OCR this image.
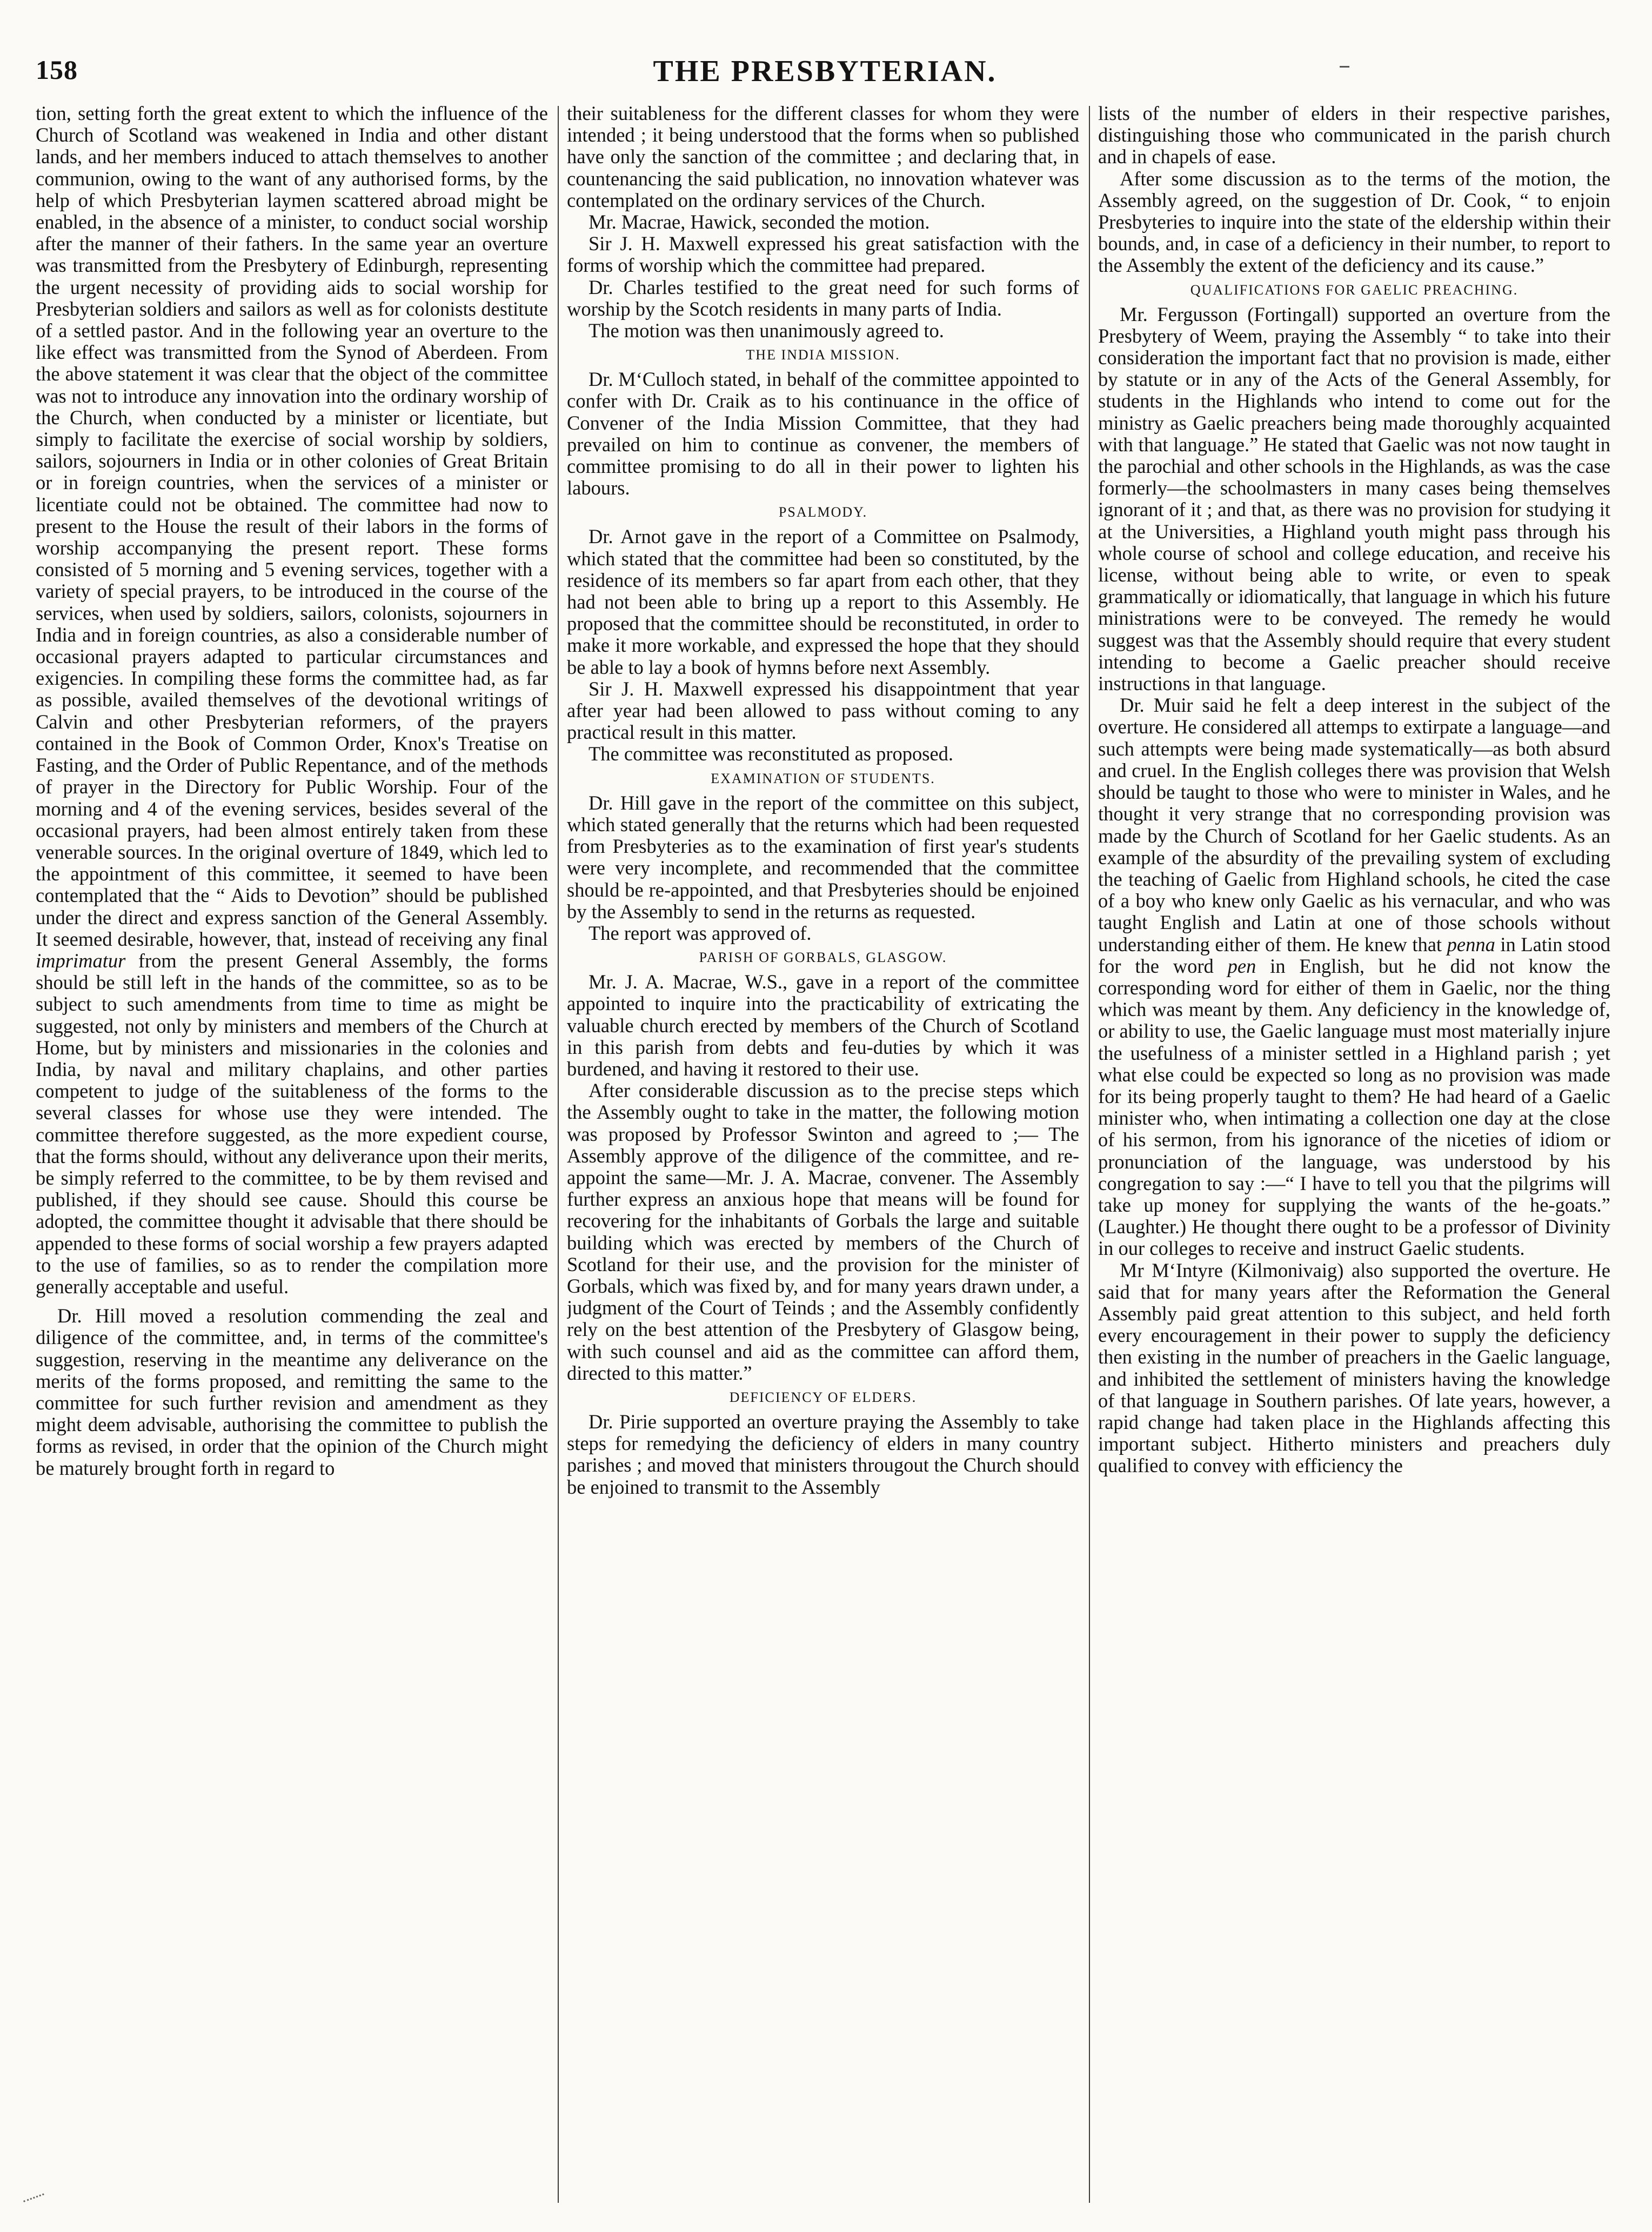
158	THE PRESBYTERIAN.

tion, setting forth the great extent to which the influence of the Church of Scotland was weakened in India and other distant lands, and her members induced to attach themselves to another communion, owing to the want of any authorised forms, by the help of which Presbyterian laymen scattered abroad might be enabled, in the absence of a minister, to conduct social worship after the manner of their fathers. In the same year an overture was transmitted from the Presbytery of Edinburgh, representing the urgent necessity of providing aids to social worship for Presbyterian soldiers and sailors as well as for colonists destitute of a settled pastor. And in the following year an overture to the like effect was transmitted from the Synod of Aberdeen. From the above statement it was clear that the object of the committee was not to introduce any innovation into the ordinary worship of the Church, when conducted by a minister or licentiate, but simply to facilitate the exercise of social worship by soldiers, sailors, sojourners in India or in other colonies of Great Britain or in foreign countries, when the services of a minister or licentiate could not be obtained. The committee had now to present to the House the result of their labors in the forms of worship accompanying the present report. These forms consisted of 5 morning and 5 evening services, together with a variety of special prayers, to be introduced in the course of the services, when used by soldiers, sailors, colonists, sojourners in India and in foreign countries, as also a considerable number of occasional prayers adapted to particular circumstances and exigencies. In compiling these forms the committee had, as far as possible, availed themselves of the devotional writings of Calvin and other Presbyterian reformers, of the prayers contained in the Book of Common Order, Knox's Treatise on Fasting, and the Order of Public Repentance, and of the methods of prayer in the Directory for Public Worship. Four of the morning and 4 of the evening services, besides several of the occasional prayers, had been almost entirely taken from these venerable sources. In the original overture of 1849, which led to the appointment of this committee, it seemed to have been contemplated that the “ Aids to Devotion” should be published under the direct and express sanction of the General Assembly. It seemed desirable, however, that, instead of receiving any final imprimatur from the present General Assembly, the forms should be still left in the hands of the committee, so as to be subject to such amendments from time to time as might be suggested, not only by ministers and members of the Church at Home, but by ministers and missionaries in the colonies and India, by naval and military chaplains, and other parties competent to judge of the suitableness of the forms to the several classes for whose use they were intended. The committee therefore suggested, as the more expedient course, that the forms should, without any deliverance upon their merits, be simply referred to the committee, to be by them revised and published, if they should see cause. Should this course be adopted, the committee thought it advisable that there should be appended to these forms of social worship a few prayers adapted to the use of families, so as to render the compilation more generally acceptable and useful.

Dr. Hill moved a resolution commending the zeal and diligence of the committee, and, in terms of the committee's suggestion, reserving in the meantime any deliverance on the merits of the forms proposed, and remitting the same to the committee for such further revision and amendment as they might deem advisable, authorising the committee to publish the forms as revised, in order that the opinion of the Church might be maturely brought forth in regard to

their suitableness for the different classes for whom they were intended ; it being understood that the forms when so published have only the sanction of the committee ; and declaring that, in countenancing the said publication, no innovation whatever was contemplated on the ordinary services of the Church.

Mr. Macrae, Hawick, seconded the motion.

Sir J. H. Maxwell expressed his great satisfaction with the forms of worship which the committee had prepared.

Dr. Charles testified to the great need for such forms of worship by the Scotch residents in many parts of India.

The motion was then unanimously agreed to.

THE INDIA MISSION.

Dr. M‘Culloch stated, in behalf of the committee appointed to confer with Dr. Craik as to his continuance in the office of Convener of the India Mission Committee, that they had prevailed on him to continue as convener, the members of committee promising to do all in their power to lighten his labours.

PSALMODY.

Dr. Arnot gave in the report of a Committee on Psalmody, which stated that the committee had been so constituted, by the residence of its members so far apart from each other, that they had not been able to bring up a report to this Assembly. He proposed that the committee should be reconstituted, in order to make it more workable, and expressed the hope that they should be able to lay a book of hymns before next Assembly.

Sir J. H. Maxwell expressed his disappointment that year after year had been allowed to pass without coming to any practical result in this matter.

The committee was reconstituted as proposed.

EXAMINATION OF STUDENTS.

Dr. Hill gave in the report of the committee on this subject, which stated generally that the returns which had been requested from Presbyteries as to the examination of first year's students were very incomplete, and recommended that the committee should be re-appointed, and that Presbyteries should be enjoined by the Assembly to send in the returns as requested.

The report was approved of.

PARISH OF GORBALS, GLASGOW.

Mr. J. A. Macrae, W.S., gave in a report of the committee appointed to inquire into the practicability of extricating the valuable church erected by members of the Church of Scotland in this parish from debts and feu-duties by which it was burdened, and having it restored to their use.

After considerable discussion as to the precise steps which the Assembly ought to take in the matter, the following motion was proposed by Professor Swinton and agreed to ;— The Assembly approve of the diligence of the committee, and re-appoint the same—Mr. J. A. Macrae, convener. The Assembly further express an anxious hope that means will be found for recovering for the inhabitants of Gorbals the large and suitable building which was erected by members of the Church of Scotland for their use, and the provision for the minister of Gorbals, which was fixed by, and for many years drawn under, a judgment of the Court of Teinds ; and the Assembly confidently rely on the best attention of the Presbytery of Glasgow being, with such counsel and aid as the committee can afford them, directed to this matter.”

DEFICIENCY OF ELDERS.

Dr. Pirie supported an overture praying the Assembly to take steps for remedying the deficiency of elders in many country parishes ; and moved that ministers througout the Church should be enjoined to transmit to the Assembly

lists of the number of elders in their respective parishes, distinguishing those who communicated in the parish church and in chapels of ease.

After some discussion as to the terms of the motion, the Assembly agreed, on the suggestion of Dr. Cook, “ to enjoin Presbyteries to inquire into the state of the eldership within their bounds, and, in case of a deficiency in their number, to report to the Assembly the extent of the deficiency and its cause.”

QUALIFICATIONS FOR GAELIC PREACHING.

Mr. Fergusson (Fortingall) supported an overture from the Presbytery of Weem, praying the Assembly “ to take into their consideration the important fact that no provision is made, either by statute or in any of the Acts of the General Assembly, for students in the Highlands who intend to come out for the ministry as Gaelic preachers being made thoroughly acquainted with that language.” He stated that Gaelic was not now taught in the parochial and other schools in the Highlands, as was the case formerly—the schoolmasters in many cases being themselves ignorant of it ; and that, as there was no provision for studying it at the Universities, a Highland youth might pass through his whole course of school and college education, and receive his license, without being able to write, or even to speak grammatically or idiomatically, that language in which his future ministrations were to be conveyed. The remedy he would suggest was that the Assembly should require that every student intending to become a Gaelic preacher should receive instructions in that language.

Dr. Muir said he felt a deep interest in the subject of the overture. He considered all attemps to extirpate a language—and such attempts were being made systematically—as both absurd and cruel. In the English colleges there was provision that Welsh should be taught to those who were to minister in Wales, and he thought it very strange that no corresponding provision was made by the Church of Scotland for her Gaelic students. As an example of the absurdity of the prevailing system of excluding the teaching of Gaelic from Highland schools, he cited the case of a boy who knew only Gaelic as his vernacular, and who was taught English and Latin at one of those schools without understanding either of them. He knew that penna in Latin stood for the word pen in English, but he did not know the corresponding word for either of them in Gaelic, nor the thing which was meant by them. Any deficiency in the knowledge of, or ability to use, the Gaelic language must most materially injure the usefulness of a minister settled in a Highland parish ; yet what else could be expected so long as no provision was made for its being properly taught to them? He had heard of a Gaelic minister who, when intimating a collection one day at the close of his sermon, from his ignorance of the niceties of idiom or pronunciation of the language, was understood by his congregation to say :—“ I have to tell you that the pilgrims will take up money for supplying the wants of the he-goats.” (Laughter.) He thought there ought to be a professor of Divinity in our colleges to receive and instruct Gaelic students.

Mr M‘Intyre (Kilmonivaig) also supported the overture. He said that for many years after the Reformation the General Assembly paid great attention to this subject, and held forth every encouragement in their power to supply the deficiency then existing in the number of preachers in the Gaelic language, and inhibited the settlement of ministers having the knowledge of that language in Southern parishes. Of late years, however, a rapid change had taken place in the Highlands affecting this important subject. Hitherto ministers and preachers duly qualified to convey with efficiency the
